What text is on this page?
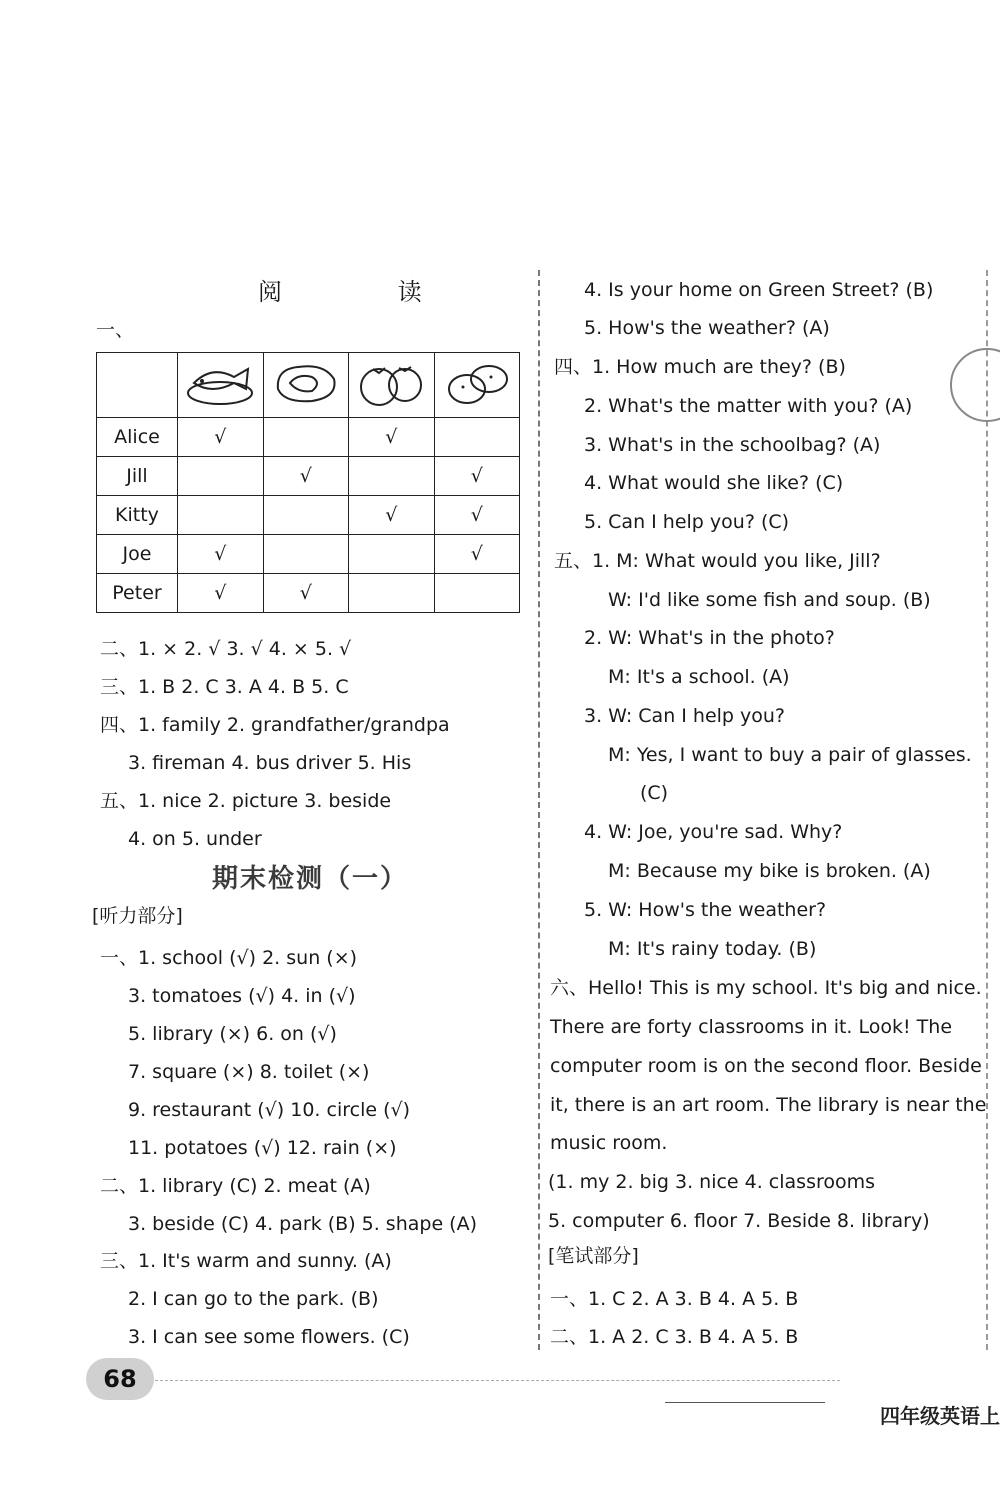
阅 读
一、

Alice	√		√	
Jill		√		√
Kitty			√	√
Joe	√			√
Peter	√	√		
二、1. × 2. √ 3. √ 4. × 5. √
三、1. B 2. C 3. A 4. B 5. C
四、1. family 2. grandfather/grandpa
3. fireman 4. bus driver 5. His
五、1. nice 2. picture 3. beside
4. on 5. under
期末检测（一）
[听力部分]
一、1. school (√) 2. sun (×)
3. tomatoes (√) 4. in (√)
5. library (×) 6. on (√)
7. square (×) 8. toilet (×)
9. restaurant (√) 10. circle (√)
11. potatoes (√) 12. rain (×)
二、1. library (C) 2. meat (A)
3. beside (C) 4. park (B) 5. shape (A)
三、1. It's warm and sunny. (A)
2. I can go to the park. (B)
3. I can see some flowers. (C)
4. Is your home on Green Street? (B)
5. How's the weather? (A)
四、1. How much are they? (B)
2. What's the matter with you? (A)
3. What's in the schoolbag? (A)
4. What would she like? (C)
5. Can I help you? (C)
五、1. M: What would you like, Jill?
W: I'd like some fish and soup. (B)
2. W: What's in the photo?
M: It's a school. (A)
3. W: Can I help you?
M: Yes, I want to buy a pair of glasses.
(C)
4. W: Joe, you're sad. Why?
M: Because my bike is broken. (A)
5. W: How's the weather?
M: It's rainy today. (B)
六、Hello! This is my school. It's big and nice.
There are forty classrooms in it. Look! The
computer room is on the second floor. Beside
it, there is an art room. The library is near the
music room.
(1. my 2. big 3. nice 4. classrooms
5. computer 6. floor 7. Beside 8. library)
[笔试部分]
一、1. C 2. A 3. B 4. A 5. B
二、1. A 2. C 3. B 4. A 5. B
68
四年级英语上
